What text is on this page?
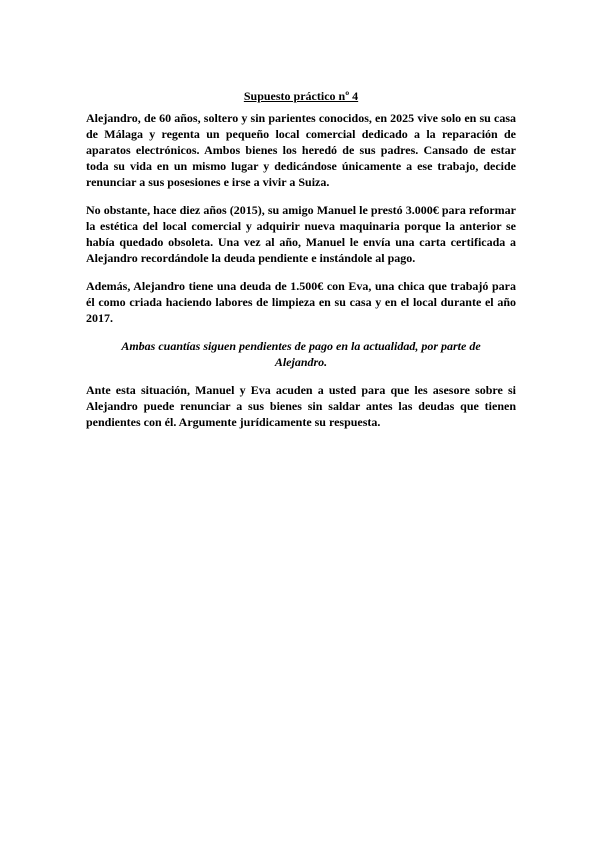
Supuesto práctico nº 4

Alejandro, de 60 años, soltero y sin parientes conocidos, en 2025 vive solo en su casa de Málaga y regenta un pequeño local comercial dedicado a la reparación de aparatos electrónicos. Ambos bienes los heredó de sus padres. Cansado de estar toda su vida en un mismo lugar y dedicándose únicamente a ese trabajo, decide renunciar a sus posesiones e irse a vivir a Suiza.

No obstante, hace diez años (2015), su amigo Manuel le prestó 3.000€ para reformar la estética del local comercial y adquirir nueva maquinaria porque la anterior se había quedado obsoleta. Una vez al año, Manuel le envía una carta certificada a Alejandro recordándole la deuda pendiente e instándole al pago.

Además, Alejandro tiene una deuda de 1.500€ con Eva, una chica que trabajó para él como criada haciendo labores de limpieza en su casa y en el local durante el año 2017.

Ambas cuantías siguen pendientes de pago en la actualidad, por parte de Alejandro.

Ante esta situación, Manuel y Eva acuden a usted para que les asesore sobre si Alejandro puede renunciar a sus bienes sin saldar antes las deudas que tienen pendientes con él. Argumente jurídicamente su respuesta.
